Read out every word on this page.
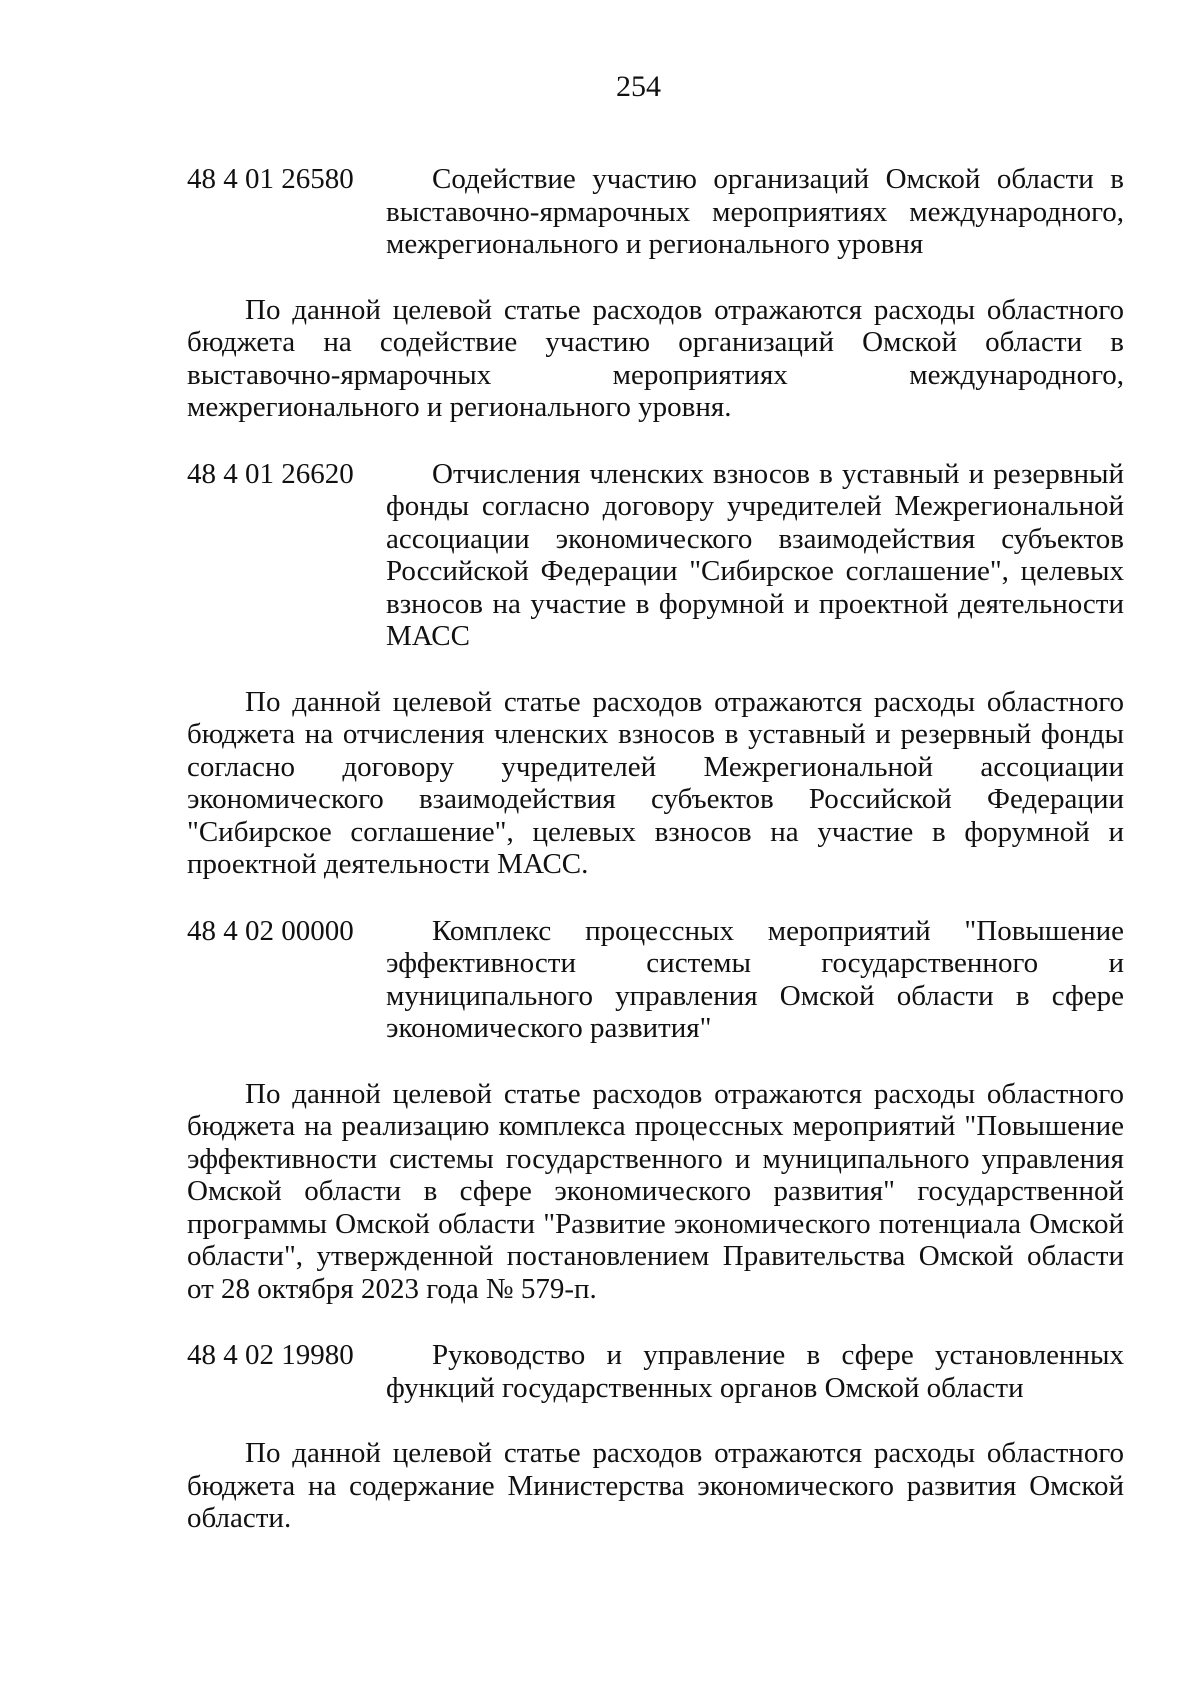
254
48 4 01 26580	Содействие участию организаций Омской области в выставочно-ярмарочных мероприятиях международного, межрегионального и регионального уровня

По данной целевой статье расходов отражаются расходы областного бюджета на содействие участию организаций Омской области в выставочно-ярмарочных мероприятиях международного, межрегионального и регионального уровня.

48 4 01 26620	Отчисления членских взносов в уставный и резервный фонды согласно договору учредителей Межрегиональной ассоциации экономического взаимодействия субъектов Российской Федерации "Сибирское соглашение", целевых взносов на участие в форумной и проектной деятельности МАСС

По данной целевой статье расходов отражаются расходы областного бюджета на отчисления членских взносов в уставный и резервный фонды согласно договору учредителей Межрегиональной ассоциации экономического взаимодействия субъектов Российской Федерации "Сибирское соглашение", целевых взносов на участие в форумной и проектной деятельности МАСС.

48 4 02 00000	Комплекс процессных мероприятий "Повышение эффективности системы государственного и муниципального управления Омской области в сфере экономического развития"

По данной целевой статье расходов отражаются расходы областного бюджета на реализацию комплекса процессных мероприятий "Повышение эффективности системы государственного и муниципального управления Омской области в сфере экономического развития" государственной программы Омской области "Развитие экономического потенциала Омской области", утвержденной постановлением Правительства Омской области от 28 октября 2023 года № 579-п.

48 4 02 19980	Руководство и управление в сфере установленных функций государственных органов Омской области

По данной целевой статье расходов отражаются расходы областного бюджета на содержание Министерства экономического развития Омской области.
